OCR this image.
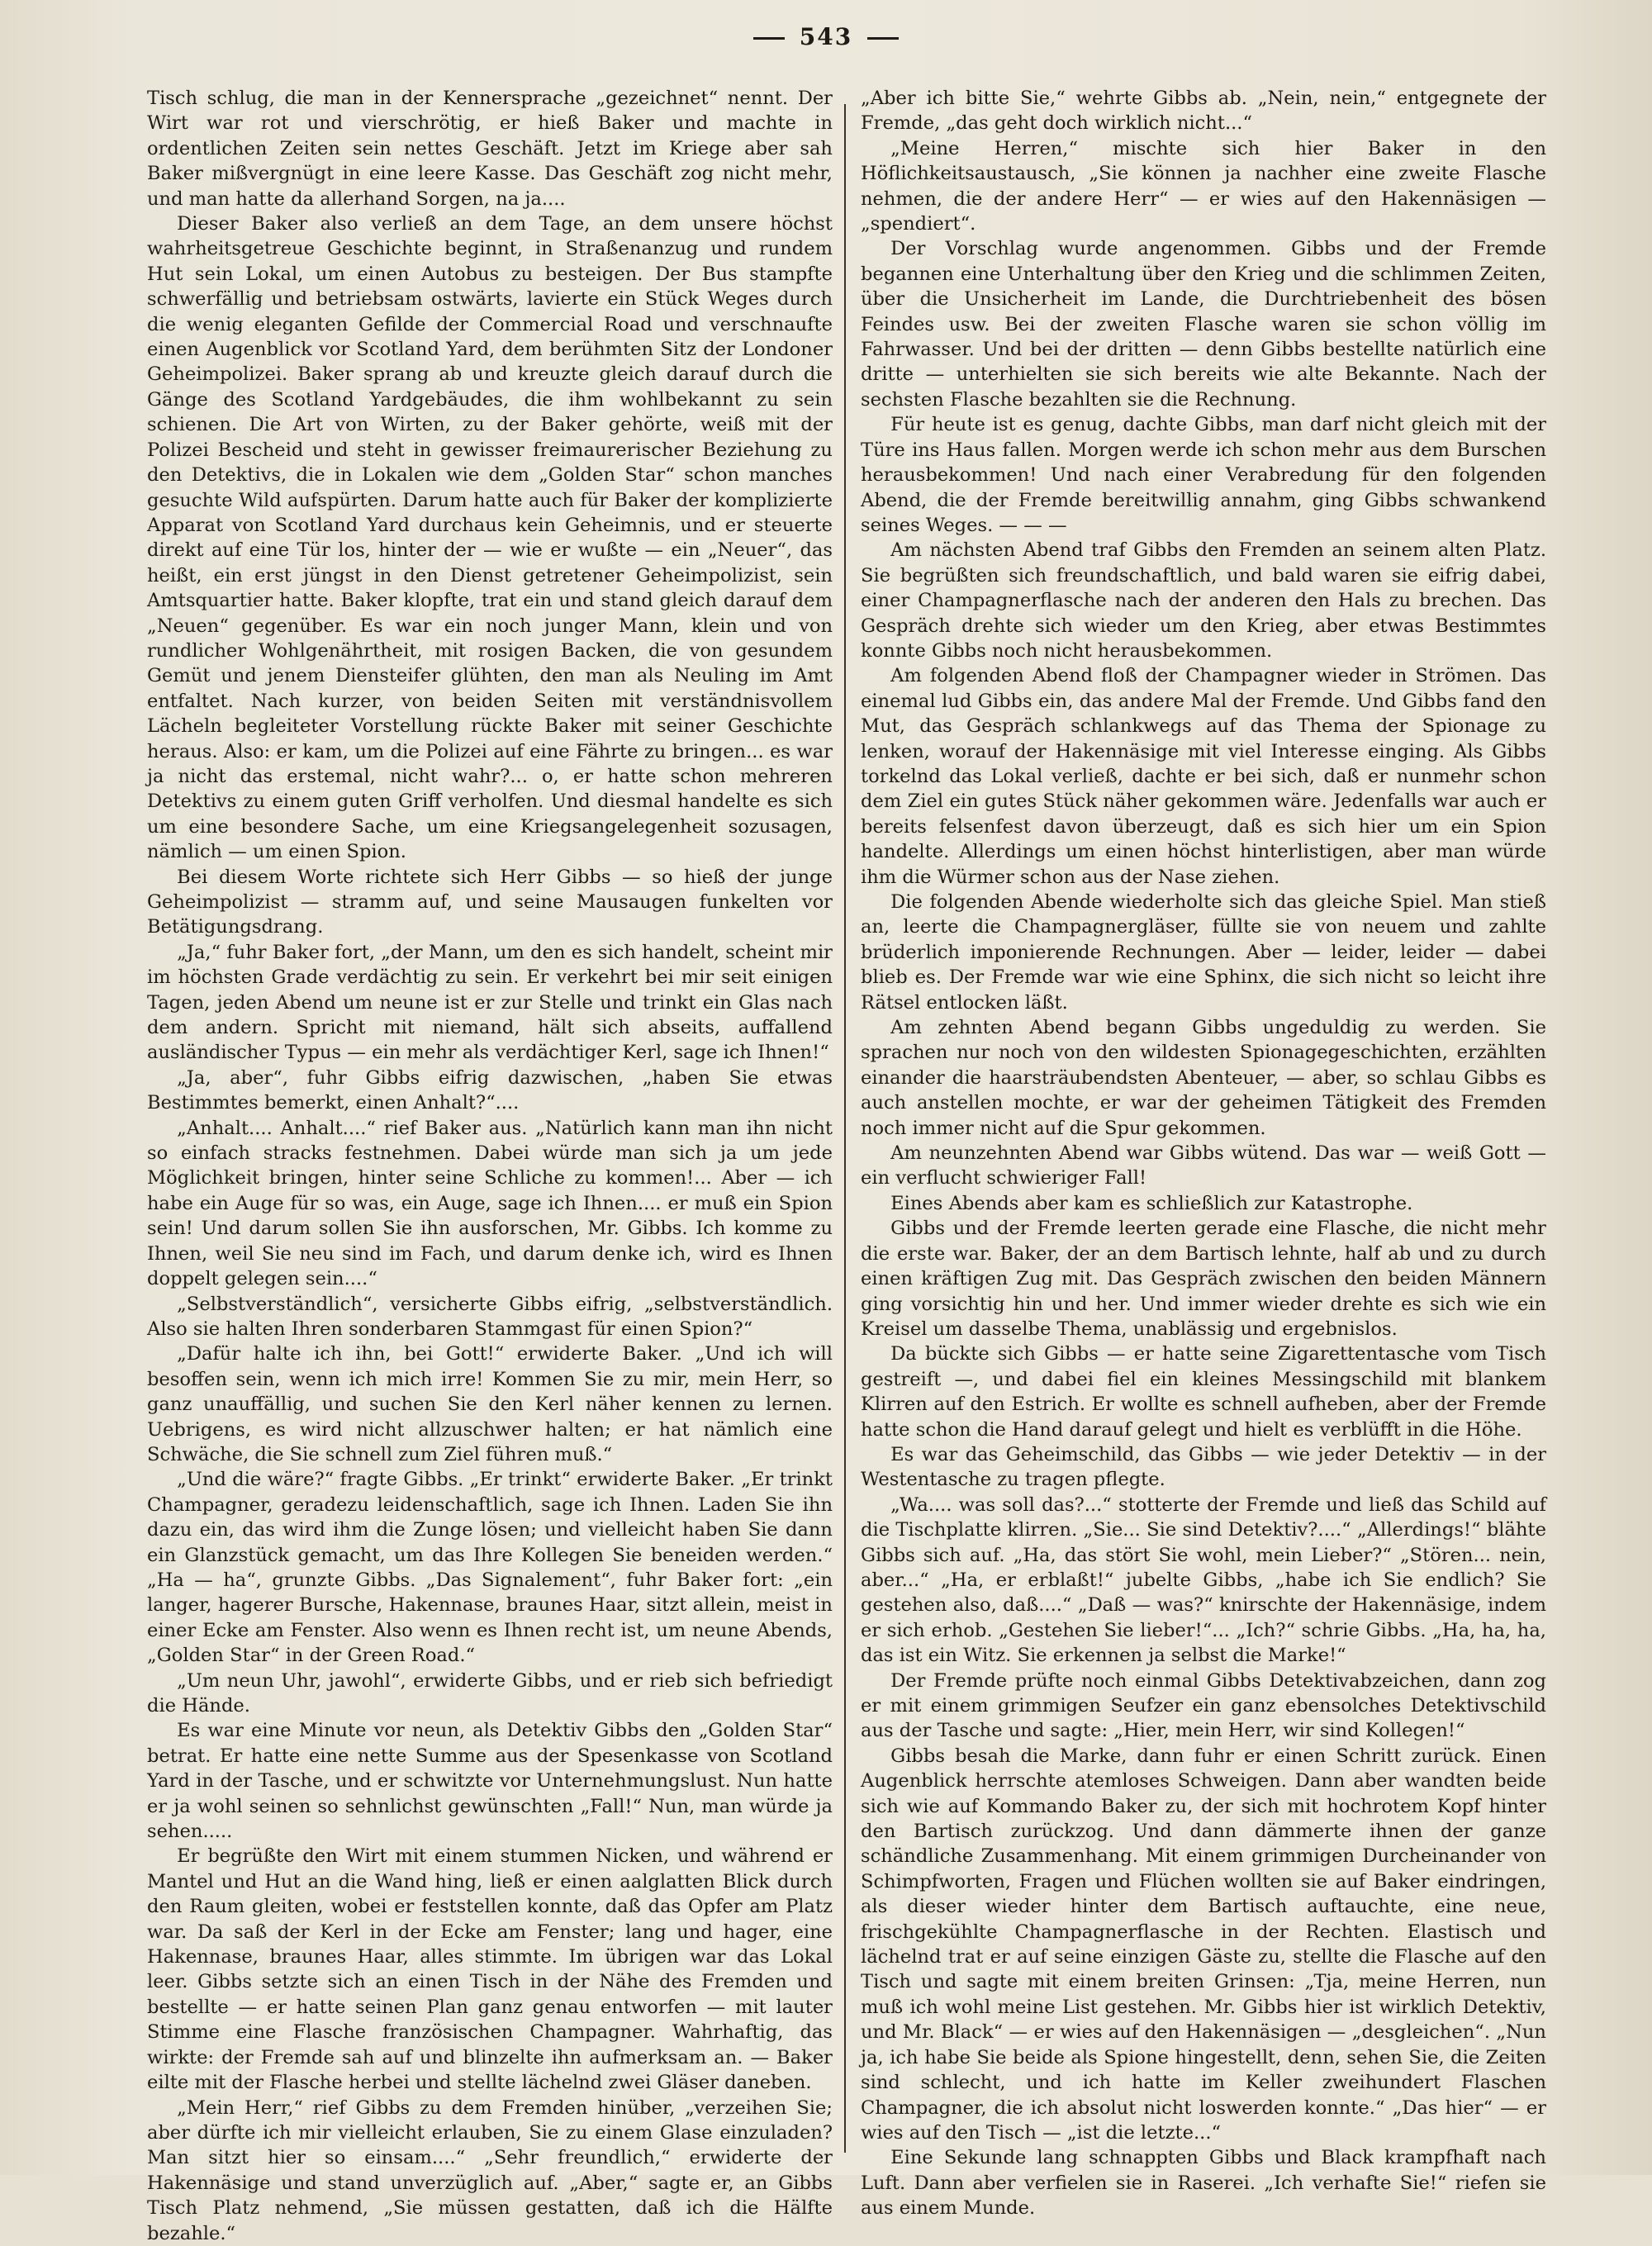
543

Tisch schlug, die man in der Kennersprache „gezeichnet“ nennt. Der Wirt war rot und vierschrötig, er hieß Baker und machte in ordentlichen Zeiten sein nettes Geschäft. Jetzt im Kriege aber sah Baker mißvergnügt in eine leere Kasse. Das Geschäft zog nicht mehr, und man hatte da allerhand Sorgen, na ja....

Dieser Baker also verließ an dem Tage, an dem unsere höchst wahrheitsgetreue Geschichte beginnt, in Straßenanzug und rundem Hut sein Lokal, um einen Autobus zu besteigen. Der Bus stampfte schwerfällig und betriebsam ostwärts, lavierte ein Stück Weges durch die wenig eleganten Gefilde der Commercial Road und verschnaufte einen Augenblick vor Scotland Yard, dem berühmten Sitz der Londoner Geheimpolizei. Baker sprang ab und kreuzte gleich darauf durch die Gänge des Scotland Yardgebäudes, die ihm wohlbekannt zu sein schienen. Die Art von Wirten, zu der Baker gehörte, weiß mit der Polizei Bescheid und steht in gewisser freimaurerischer Beziehung zu den Detektivs, die in Lokalen wie dem „Golden Star“ schon manches gesuchte Wild aufspürten. Darum hatte auch für Baker der komplizierte Apparat von Scotland Yard durchaus kein Geheimnis, und er steuerte direkt auf eine Tür los, hinter der — wie er wußte — ein „Neuer“, das heißt, ein erst jüngst in den Dienst getretener Geheimpolizist, sein Amtsquartier hatte. Baker klopfte, trat ein und stand gleich darauf dem „Neuen“ gegenüber. Es war ein noch junger Mann, klein und von rundlicher Wohlgenährtheit, mit rosigen Backen, die von gesundem Gemüt und jenem Diensteifer glühten, den man als Neuling im Amt entfaltet. Nach kurzer, von beiden Seiten mit verständnisvollem Lächeln begleiteter Vorstellung rückte Baker mit seiner Geschichte heraus. Also: er kam, um die Polizei auf eine Fährte zu bringen... es war ja nicht das erstemal, nicht wahr?... o, er hatte schon mehreren Detektivs zu einem guten Griff verholfen. Und diesmal handelte es sich um eine besondere Sache, um eine Kriegsangelegenheit sozusagen, nämlich — um einen Spion.

Bei diesem Worte richtete sich Herr Gibbs — so hieß der junge Geheimpolizist — stramm auf, und seine Mausaugen funkelten vor Betätigungsdrang.

„Ja,“ fuhr Baker fort, „der Mann, um den es sich handelt, scheint mir im höchsten Grade verdächtig zu sein. Er verkehrt bei mir seit einigen Tagen, jeden Abend um neune ist er zur Stelle und trinkt ein Glas nach dem andern. Spricht mit niemand, hält sich abseits, auffallend ausländischer Typus — ein mehr als verdächtiger Kerl, sage ich Ihnen!“

„Ja, aber“, fuhr Gibbs eifrig dazwischen, „haben Sie etwas Bestimmtes bemerkt, einen Anhalt?“....

„Anhalt.... Anhalt....“ rief Baker aus. „Natürlich kann man ihn nicht so einfach stracks festnehmen. Dabei würde man sich ja um jede Möglichkeit bringen, hinter seine Schliche zu kommen!... Aber — ich habe ein Auge für so was, ein Auge, sage ich Ihnen.... er muß ein Spion sein! Und darum sollen Sie ihn ausforschen, Mr. Gibbs. Ich komme zu Ihnen, weil Sie neu sind im Fach, und darum denke ich, wird es Ihnen doppelt gelegen sein....“

„Selbstverständlich“, versicherte Gibbs eifrig, „selbstverständlich. Also sie halten Ihren sonderbaren Stammgast für einen Spion?“

„Dafür halte ich ihn, bei Gott!“ erwiderte Baker. „Und ich will besoffen sein, wenn ich mich irre! Kommen Sie zu mir, mein Herr, so ganz unauffällig, und suchen Sie den Kerl näher kennen zu lernen. Uebrigens, es wird nicht allzuschwer halten; er hat nämlich eine Schwäche, die Sie schnell zum Ziel führen muß.“

„Und die wäre?“ fragte Gibbs. „Er trinkt“ erwiderte Baker. „Er trinkt Champagner, geradezu leidenschaftlich, sage ich Ihnen. Laden Sie ihn dazu ein, das wird ihm die Zunge lösen; und vielleicht haben Sie dann ein Glanzstück gemacht, um das Ihre Kollegen Sie beneiden werden.“ „Ha — ha“, grunzte Gibbs. „Das Signalement“, fuhr Baker fort: „ein langer, hagerer Bursche, Hakennase, braunes Haar, sitzt allein, meist in einer Ecke am Fenster. Also wenn es Ihnen recht ist, um neune Abends, „Golden Star“ in der Green Road.“

„Um neun Uhr, jawohl“, erwiderte Gibbs, und er rieb sich befriedigt die Hände.

Es war eine Minute vor neun, als Detektiv Gibbs den „Golden Star“ betrat. Er hatte eine nette Summe aus der Spesenkasse von Scotland Yard in der Tasche, und er schwitzte vor Unternehmungslust. Nun hatte er ja wohl seinen so sehnlichst gewünschten „Fall!“ Nun, man würde ja sehen.....

Er begrüßte den Wirt mit einem stummen Nicken, und während er Mantel und Hut an die Wand hing, ließ er einen aalglatten Blick durch den Raum gleiten, wobei er feststellen konnte, daß das Opfer am Platz war. Da saß der Kerl in der Ecke am Fenster; lang und hager, eine Hakennase, braunes Haar, alles stimmte. Im übrigen war das Lokal leer. Gibbs setzte sich an einen Tisch in der Nähe des Fremden und bestellte — er hatte seinen Plan ganz genau entworfen — mit lauter Stimme eine Flasche französischen Champagner. Wahrhaftig, das wirkte: der Fremde sah auf und blinzelte ihn aufmerksam an. — Baker eilte mit der Flasche herbei und stellte lächelnd zwei Gläser daneben.

„Mein Herr,“ rief Gibbs zu dem Fremden hinüber, „verzeihen Sie; aber dürfte ich mir vielleicht erlauben, Sie zu einem Glase einzuladen? Man sitzt hier so einsam....“ „Sehr freundlich,“ erwiderte der Hakennäsige und stand unverzüglich auf. „Aber,“ sagte er, an Gibbs Tisch Platz nehmend, „Sie müssen gestatten, daß ich die Hälfte bezahle.“

„Aber ich bitte Sie,“ wehrte Gibbs ab. „Nein, nein,“ entgegnete der Fremde, „das geht doch wirklich nicht...“

„Meine Herren,“ mischte sich hier Baker in den Höflichkeitsaustausch, „Sie können ja nachher eine zweite Flasche nehmen, die der andere Herr“ — er wies auf den Hakennäsigen — „spendiert“.

Der Vorschlag wurde angenommen. Gibbs und der Fremde begannen eine Unterhaltung über den Krieg und die schlimmen Zeiten, über die Unsicherheit im Lande, die Durchtriebenheit des bösen Feindes usw. Bei der zweiten Flasche waren sie schon völlig im Fahrwasser. Und bei der dritten — denn Gibbs bestellte natürlich eine dritte — unterhielten sie sich bereits wie alte Bekannte. Nach der sechsten Flasche bezahlten sie die Rechnung.

Für heute ist es genug, dachte Gibbs, man darf nicht gleich mit der Türe ins Haus fallen. Morgen werde ich schon mehr aus dem Burschen herausbekommen! Und nach einer Verabredung für den folgenden Abend, die der Fremde bereitwillig annahm, ging Gibbs schwankend seines Weges. — — —

Am nächsten Abend traf Gibbs den Fremden an seinem alten Platz. Sie begrüßten sich freundschaftlich, und bald waren sie eifrig dabei, einer Champagnerflasche nach der anderen den Hals zu brechen. Das Gespräch drehte sich wieder um den Krieg, aber etwas Bestimmtes konnte Gibbs noch nicht herausbekommen.

Am folgenden Abend floß der Champagner wieder in Strömen. Das einemal lud Gibbs ein, das andere Mal der Fremde. Und Gibbs fand den Mut, das Gespräch schlankwegs auf das Thema der Spionage zu lenken, worauf der Hakennäsige mit viel Interesse einging. Als Gibbs torkelnd das Lokal verließ, dachte er bei sich, daß er nunmehr schon dem Ziel ein gutes Stück näher gekommen wäre. Jedenfalls war auch er bereits felsenfest davon überzeugt, daß es sich hier um ein Spion handelte. Allerdings um einen höchst hinterlistigen, aber man würde ihm die Würmer schon aus der Nase ziehen.

Die folgenden Abende wiederholte sich das gleiche Spiel. Man stieß an, leerte die Champagnergläser, füllte sie von neuem und zahlte brüderlich imponierende Rechnungen. Aber — leider, leider — dabei blieb es. Der Fremde war wie eine Sphinx, die sich nicht so leicht ihre Rätsel entlocken läßt.

Am zehnten Abend begann Gibbs ungeduldig zu werden. Sie sprachen nur noch von den wildesten Spionagegeschichten, erzählten einander die haarsträubendsten Abenteuer, — aber, so schlau Gibbs es auch anstellen mochte, er war der geheimen Tätigkeit des Fremden noch immer nicht auf die Spur gekommen.

Am neunzehnten Abend war Gibbs wütend. Das war — weiß Gott — ein verflucht schwieriger Fall!

Eines Abends aber kam es schließlich zur Katastrophe.

Gibbs und der Fremde leerten gerade eine Flasche, die nicht mehr die erste war. Baker, der an dem Bartisch lehnte, half ab und zu durch einen kräftigen Zug mit. Das Gespräch zwischen den beiden Männern ging vorsichtig hin und her. Und immer wieder drehte es sich wie ein Kreisel um dasselbe Thema, unablässig und ergebnislos.

Da bückte sich Gibbs — er hatte seine Zigarettentasche vom Tisch gestreift —, und dabei fiel ein kleines Messingschild mit blankem Klirren auf den Estrich. Er wollte es schnell aufheben, aber der Fremde hatte schon die Hand darauf gelegt und hielt es verblüfft in die Höhe.

Es war das Geheimschild, das Gibbs — wie jeder Detektiv — in der Westentasche zu tragen pflegte.

„Wa.... was soll das?...“ stotterte der Fremde und ließ das Schild auf die Tischplatte klirren. „Sie... Sie sind Detektiv?....“ „Allerdings!“ blähte Gibbs sich auf. „Ha, das stört Sie wohl, mein Lieber?“ „Stören... nein, aber...“ „Ha, er erblaßt!“ jubelte Gibbs, „habe ich Sie endlich? Sie gestehen also, daß....“ „Daß — was?“ knirschte der Hakennäsige, indem er sich erhob. „Gestehen Sie lieber!“... „Ich?“ schrie Gibbs. „Ha, ha, ha, das ist ein Witz. Sie erkennen ja selbst die Marke!“

Der Fremde prüfte noch einmal Gibbs Detektivabzeichen, dann zog er mit einem grimmigen Seufzer ein ganz ebensolches Detektivschild aus der Tasche und sagte: „Hier, mein Herr, wir sind Kollegen!“

Gibbs besah die Marke, dann fuhr er einen Schritt zurück. Einen Augenblick herrschte atemloses Schweigen. Dann aber wandten beide sich wie auf Kommando Baker zu, der sich mit hochrotem Kopf hinter den Bartisch zurückzog. Und dann dämmerte ihnen der ganze schändliche Zusammenhang. Mit einem grimmigen Durcheinander von Schimpfworten, Fragen und Flüchen wollten sie auf Baker eindringen, als dieser wieder hinter dem Bartisch auftauchte, eine neue, frischgekühlte Champagnerflasche in der Rechten. Elastisch und lächelnd trat er auf seine einzigen Gäste zu, stellte die Flasche auf den Tisch und sagte mit einem breiten Grinsen: „Tja, meine Herren, nun muß ich wohl meine List gestehen. Mr. Gibbs hier ist wirklich Detektiv, und Mr. Black“ — er wies auf den Hakennäsigen — „desgleichen“. „Nun ja, ich habe Sie beide als Spione hingestellt, denn, sehen Sie, die Zeiten sind schlecht, und ich hatte im Keller zweihundert Flaschen Champagner, die ich absolut nicht loswerden konnte.“ „Das hier“ — er wies auf den Tisch — „ist die letzte...“

Eine Sekunde lang schnappten Gibbs und Black krampfhaft nach Luft. Dann aber verfielen sie in Raserei. „Ich verhafte Sie!“ riefen sie aus einem Munde.
